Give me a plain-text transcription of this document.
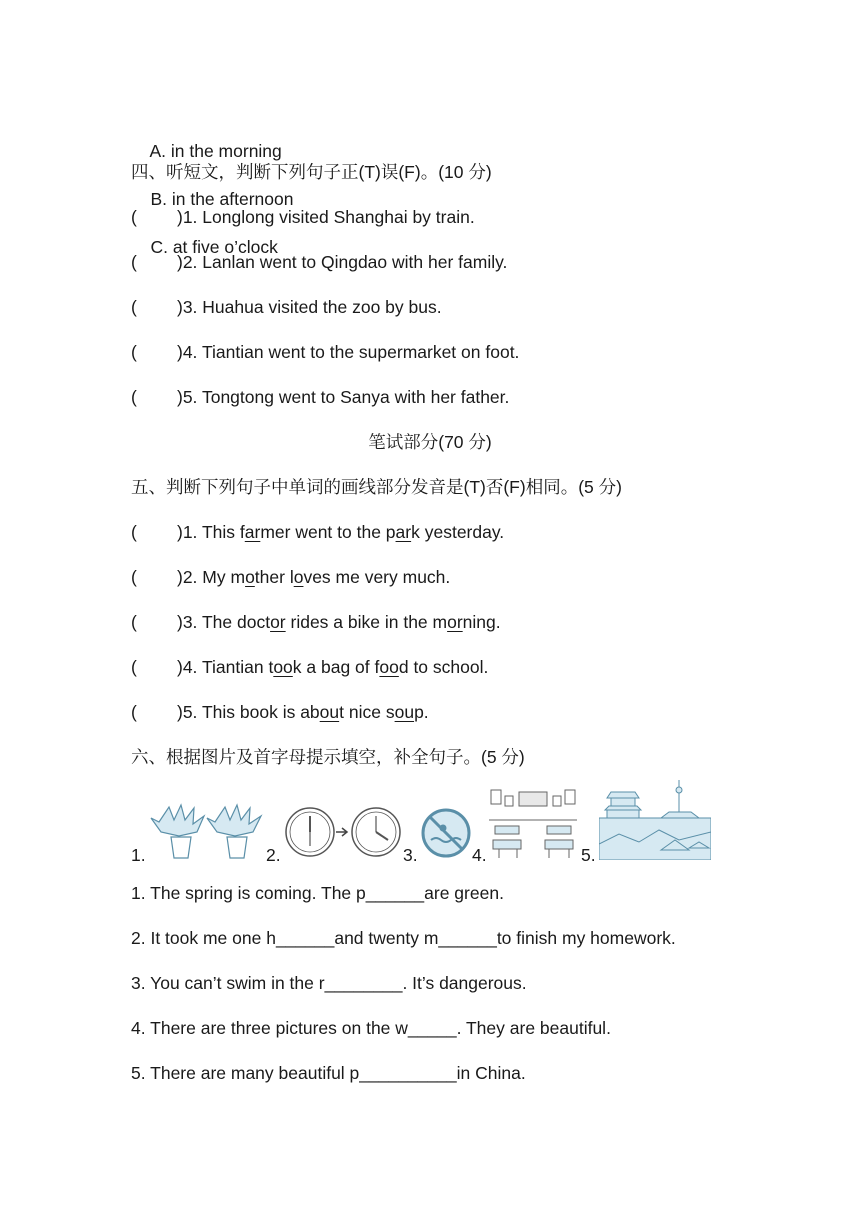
A. in the morning

B. in the afternoon

C. at five o’clock

四、听短文，判断下列句子正(T)误(F)。(10 分)
( )1. Longlong visited Shanghai by train.
( )2. Lanlan went to Qingdao with her family.
( )3. Huahua visited the zoo by bus.
( )4. Tiantian went to the supermarket on foot.
( )5. Tongtong went to Sanya with her father.
笔试部分(70 分)
五、判断下列句子中单词的画线部分发音是(T)否(F)相同。(5 分)
( )1. This farmer went to the park yesterday.
( )2. My mother loves me very much.
( )3. The doctor rides a bike in the morning.
( )4. Tiantian took a bag of food to school.
( )5. This book is about nice soup.
六、根据图片及首字母提示填空，补全句子。(5 分)
1.	2.	3.	4.	5.
1. The spring is coming. The p______are green.
2. It took me one h______and twenty m______to finish my homework.
3. You can’t swim in the r________. It’s dangerous.
4. There are three pictures on the w_____. They are beautiful.
5. There are many beautiful p__________in China.
